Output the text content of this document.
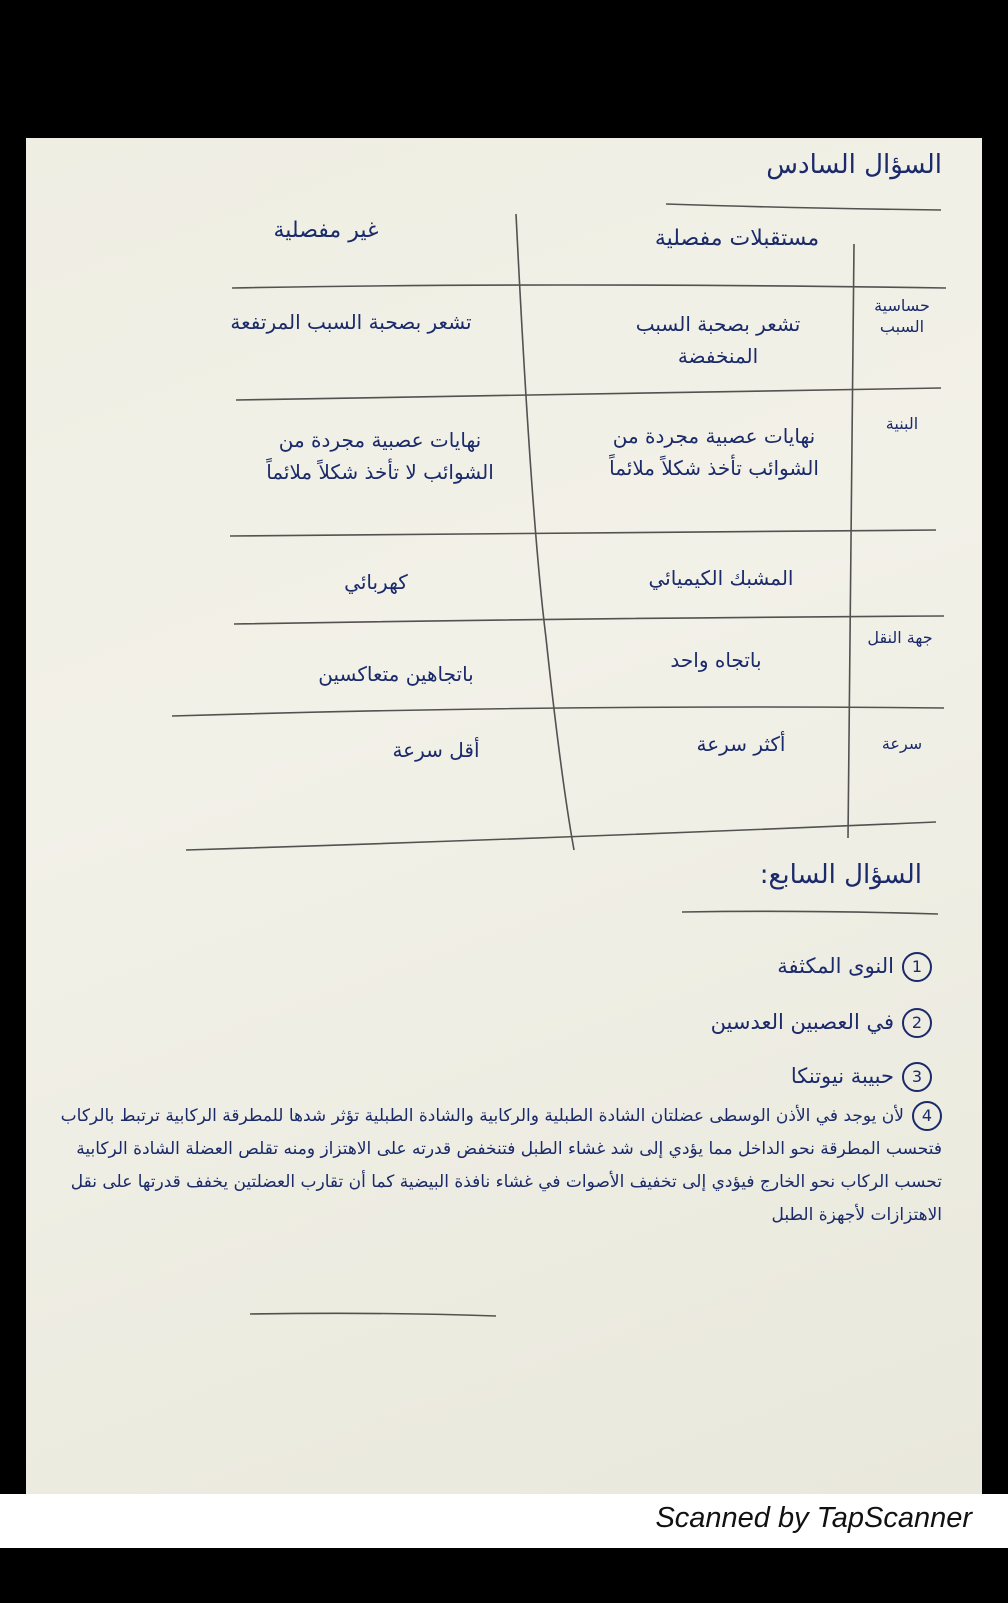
السؤال السادس
مستقبلات مفصلية
غير مفصلية
حساسية السبب
تشعر بصحبة السبب المنخفضة
تشعر بصحبة السبب المرتفعة
البنية
نهايات عصبية مجردة من الشوائب تأخذ شكلاً ملائماً
نهايات عصبية مجردة من الشوائب لا تأخذ شكلاً ملائماً
المشبك الكيميائي
كهربائي
جهة النقل
باتجاه واحد
باتجاهين متعاكسين
سرعة
أكثر سرعة
أقل سرعة
السؤال السابع:
1النوى المكثفة
2في العصبين العدسين
3حبيبة نيوتنكا
4لأن يوجد في الأذن الوسطى عضلتان الشادة الطبلية والركابية والشادة الطبلية تؤثر شدها للمطرقة الركابية ترتبط بالركاب فتحسب المطرقة نحو الداخل مما يؤدي إلى شد غشاء الطبل فتنخفض قدرته على الاهتزاز ومنه تقلص العضلة الشادة الركابية تحسب الركاب نحو الخارج فيؤدي إلى تخفيف الأصوات في غشاء نافذة البيضية كما أن تقارب العضلتين يخفف قدرتها على نقل الاهتزازات لأجهزة الطبل
Scanned by TapScanner
